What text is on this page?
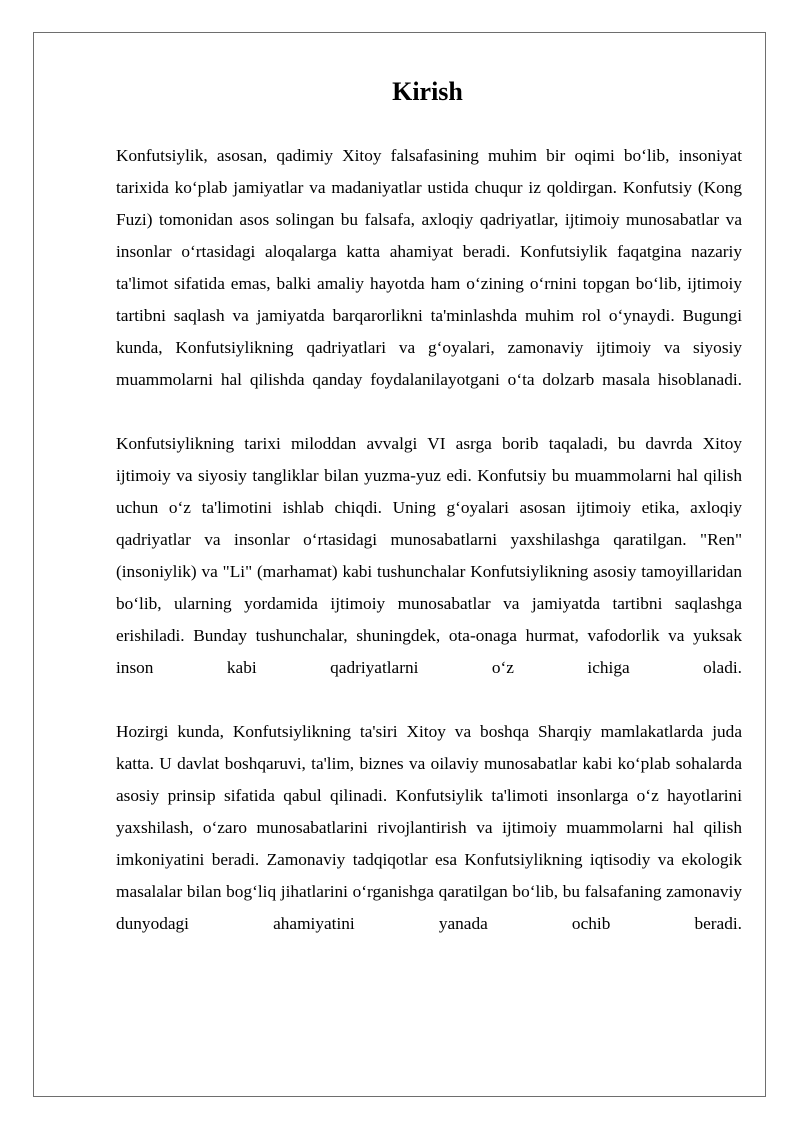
Kirish

Konfutsiylik, asosan, qadimiy Xitoy falsafasining muhim bir oqimi bo‘lib, insoniyat tarixida ko‘plab jamiyatlar va madaniyatlar ustida chuqur iz qoldirgan. Konfutsiy (Kong Fuzi) tomonidan asos solingan bu falsafa, axloqiy qadriyatlar, ijtimoiy munosabatlar va insonlar o‘rtasidagi aloqalarga katta ahamiyat beradi. Konfutsiylik faqatgina nazariy ta'limot sifatida emas, balki amaliy hayotda ham o‘zining o‘rnini topgan bo‘lib, ijtimoiy tartibni saqlash va jamiyatda barqarorlikni ta'minlashda muhim rol o‘ynaydi. Bugungi kunda, Konfutsiylikning qadriyatlari va g‘oyalari, zamonaviy ijtimoiy va siyosiy muammolarni hal qilishda qanday foydalanilayotgani o‘ta dolzarb masala hisoblanadi.

Konfutsiylikning tarixi miloddan avvalgi VI asrga borib taqaladi, bu davrda Xitoy ijtimoiy va siyosiy tangliklar bilan yuzma-yuz edi. Konfutsiy bu muammolarni hal qilish uchun o‘z ta'limotini ishlab chiqdi. Uning g‘oyalari asosan ijtimoiy etika, axloqiy qadriyatlar va insonlar o‘rtasidagi munosabatlarni yaxshilashga qaratilgan. "Ren" (insoniylik) va "Li" (marhamat) kabi tushunchalar Konfutsiylikning asosiy tamoyillaridan bo‘lib, ularning yordamida ijtimoiy munosabatlar va jamiyatda tartibni saqlashga erishiladi. Bunday tushunchalar, shuningdek, ota-onaga hurmat, vafodorlik va yuksak inson kabi qadriyatlarni o‘z ichiga oladi.

Hozirgi kunda, Konfutsiylikning ta'siri Xitoy va boshqa Sharqiy mamlakatlarda juda katta. U davlat boshqaruvi, ta'lim, biznes va oilaviy munosabatlar kabi ko‘plab sohalarda asosiy prinsip sifatida qabul qilinadi. Konfutsiylik ta'limoti insonlarga o‘z hayotlarini yaxshilash, o‘zaro munosabatlarini rivojlantirish va ijtimoiy muammolarni hal qilish imkoniyatini beradi. Zamonaviy tadqiqotlar esa Konfutsiylikning iqtisodiy va ekologik masalalar bilan bog‘liq jihatlarini o‘rganishga qaratilgan bo‘lib, bu falsafaning zamonaviy dunyodagi ahamiyatini yanada ochib beradi.
